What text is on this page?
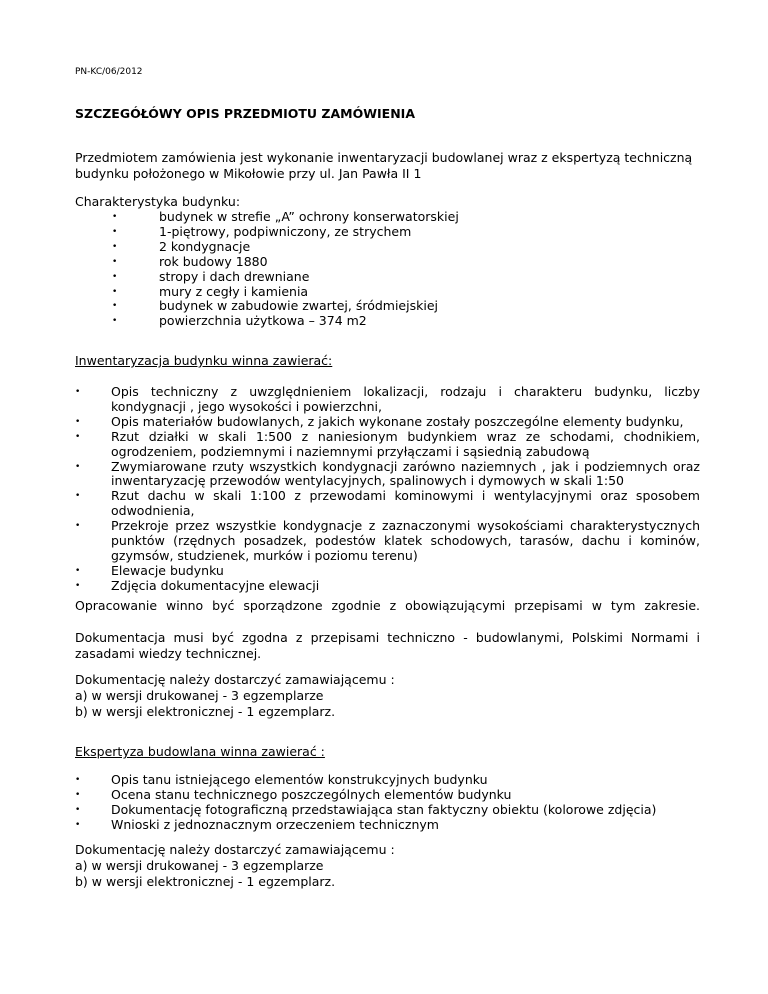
PN-KC/06/2012
SZCZEGÓŁÓWY OPIS PRZEDMIOTU ZAMÓWIENIA

Przedmiotem zamówienia jest wykonanie inwentaryzacji budowlanej wraz z ekspertyzą techniczną budynku położonego w Mikołowie przy ul. Jan Pawła II 1

Charakterystyka budynku:

•	budynek w strefie „A” ochrony konserwatorskiej
•	1-piętrowy, podpiwniczony, ze strychem
•	2 kondygnacje
•	rok budowy 1880
•	stropy i dach drewniane
•	mury z cegły i kamienia
•	budynek w zabudowie zwartej, śródmiejskiej
•	powierzchnia użytkowa – 374 m2

Inwentaryzacja budynku winna zawierać:

• Opis techniczny z uwzględnieniem lokalizacji, rodzaju i charakteru budynku, liczby kondygnacji , jego wysokości i powierzchni,
• Opis materiałów budowlanych, z jakich wykonane zostały poszczególne elementy budynku,
• Rzut działki w skali 1:500 z naniesionym budynkiem wraz ze schodami, chodnikiem, ogrodzeniem, podziemnymi i naziemnymi przyłączami i sąsiednią zabudową
• Zwymiarowane rzuty wszystkich kondygnacji zarówno naziemnych , jak i podziemnych oraz inwentaryzację przewodów wentylacyjnych, spalinowych i dymowych w skali 1:50
• Rzut dachu w skali 1:100 z przewodami kominowymi i wentylacyjnymi oraz sposobem odwodnienia,
• Przekroje przez wszystkie kondygnacje z zaznaczonymi wysokościami charakterystycznych punktów (rzędnych posadzek, podestów klatek schodowych, tarasów, dachu i kominów, gzymsów, studzienek, murków i poziomu terenu)
• Elewacje budynku
• Zdjęcia dokumentacyjne elewacji

Opracowanie winno być sporządzone zgodnie z obowiązującymi przepisami w tym zakresie.

Dokumentacja musi być zgodna z przepisami techniczno - budowlanymi, Polskimi Normami i zasadami wiedzy technicznej.

Dokumentację należy dostarczyć zamawiającemu :

a) w wersji drukowanej - 3 egzemplarze

b) w wersji elektronicznej - 1 egzemplarz.

Ekspertyza budowlana winna zawierać :

• Opis tanu istniejącego elementów konstrukcyjnych budynku
• Ocena stanu technicznego poszczególnych elementów budynku
• Dokumentację fotograficzną przedstawiająca stan faktyczny obiektu (kolorowe zdjęcia)
• Wnioski z jednoznacznym orzeczeniem technicznym

Dokumentację należy dostarczyć zamawiającemu :

a) w wersji drukowanej - 3 egzemplarze

b) w wersji elektronicznej - 1 egzemplarz.
